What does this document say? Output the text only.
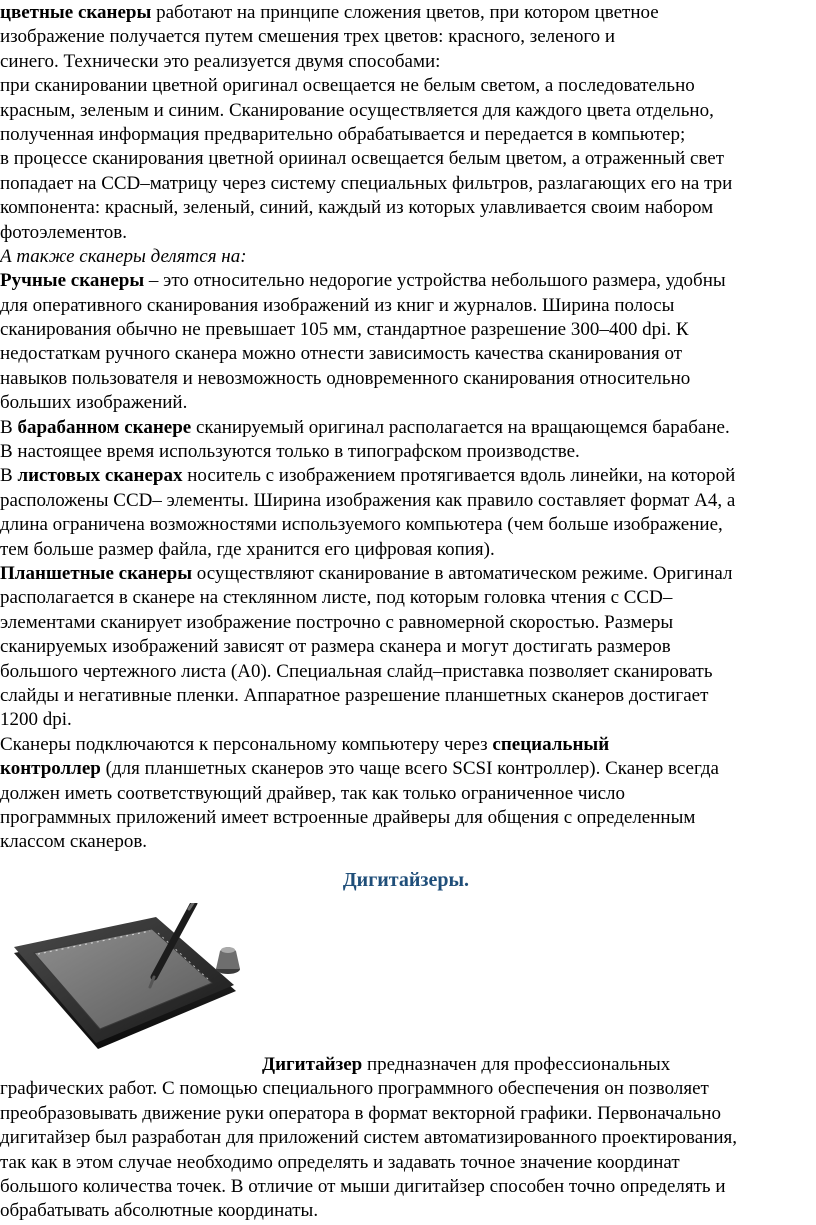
цветные сканеры работают на принципе сложения цветов, при котором цветное
изображение получается путем смешения трех цветов: красного, зеленого и
синего. Технически это реализуется двумя способами:
при сканировании цветной оригинал освещается не белым светом, а последовательно
красным, зеленым и синим. Сканирование осуществляется для каждого цвета отдельно,
полученная информация предварительно обрабатывается и передается в компьютер;
в процессе сканирования цветной ориинал освещается белым цветом, а отраженный свет
попадает на CCD–матрицу через систему специальных фильтров, разлагающих его на три
компонента: красный, зеленый, синий, каждый из которых улавливается своим набором
фотоэлементов.
А также сканеры делятся на:
Ручные сканеры – это относительно недорогие устройства небольшого размера, удобны
для оперативного сканирования изображений из книг и журналов. Ширина полосы
сканирования обычно не превышает 105 мм, стандартное разрешение 300–400 dpi. К
недостаткам ручного сканера можно отнести зависимость качества сканирования от
навыков пользователя и невозможность одновременного сканирования относительно
больших изображений.
В барабанном сканере сканируемый оригинал располагается на вращающемся барабане.
В настоящее время используются только в типографском производстве.
В листовых сканерах носитель с изображением протягивается вдоль линейки, на которой
расположены CCD– элементы. Ширина изображения как правило составляет формат А4, а
длина ограничена возможностями используемого компьютера (чем больше изображение,
тем больше размер файла, где хранится его цифровая копия).
Планшетные сканеры осуществляют сканирование в автоматическом режиме. Оригинал
располагается в сканере на стеклянном листе, под которым головка чтения с CCD–
элементами сканирует изображение построчно с равномерной скоростью. Размеры
сканируемых изображений зависят от размера сканера и могут достигать размеров
большого чертежного листа (А0). Специальная слайд–приставка позволяет сканировать
слайды и негативные пленки. Аппаратное разрешение планшетных сканеров достигает
1200 dpi.
Сканеры подключаются к персональному компьютеру через специальный
контроллер (для планшетных сканеров это чаще всего SCSI контроллер). Сканер всегда
должен иметь соответствующий драйвер, так как только ограниченное число
программных приложений имеет встроенные драйверы для общения с определенным
классом сканеров.
Дигитайзеры.
Дигитайзер предназначен для профессиональных
графических работ. С помощью специального программного обеспечения он позволяет
преобразовывать движение руки оператора в формат векторной графики. Первоначально
дигитайзер был разработан для приложений систем автоматизированного проектирования,
так как в этом случае необходимо определять и задавать точное значение координат
большого количества точек. В отличие от мыши дигитайзер способен точно определять и
обрабатывать абсолютные координаты.
